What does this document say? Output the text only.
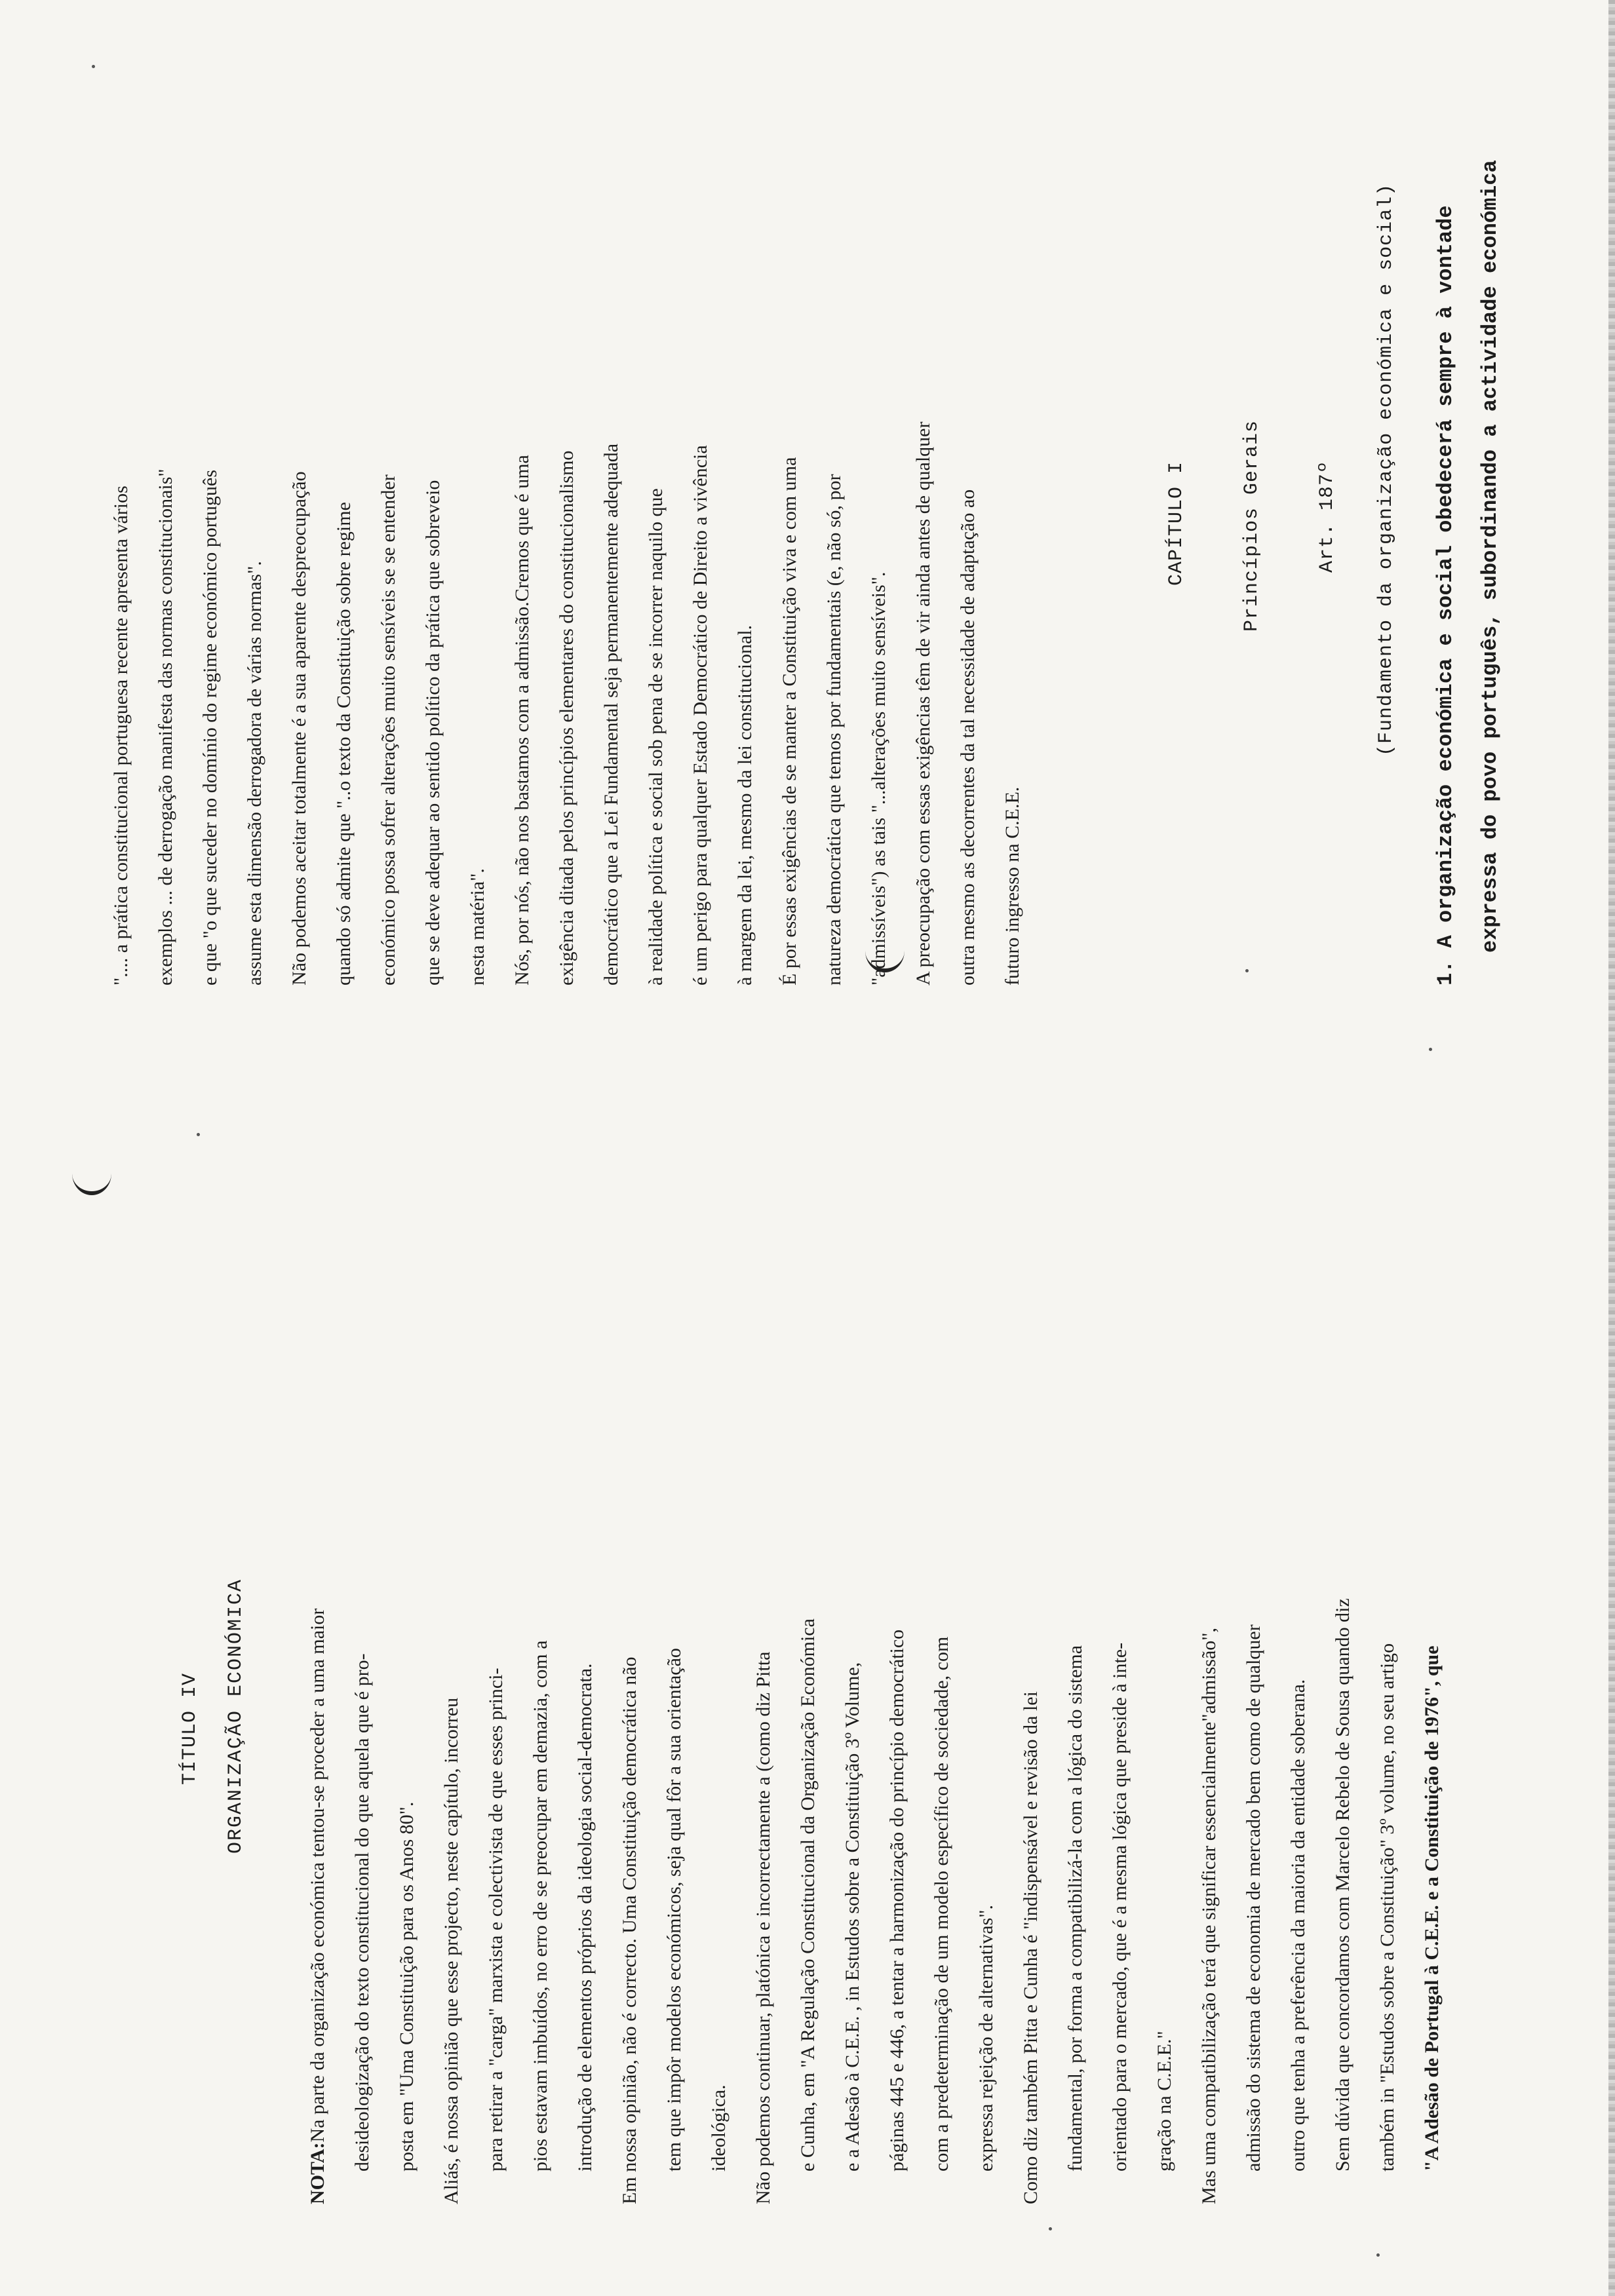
TÍTULO IV ORGANIZAÇÃO ECONÓMICA
NOTA:Na parte da organização económica tentou-se proceder a uma maior desideologização do texto constitucional do que aquela que é pro- posta em "Uma Constituição para os Anos 80". Aliás, é nossa opinião que esse projecto, neste capítulo, incorreu para retirar a "carga" marxista e colectivista de que esses princi- pios estavam imbuídos, no erro de se preocupar em demazia, com a introdução de elementos próprios da ideologia social-democrata. Em nossa opinião, não é correcto. Uma Constituição democrática não tem que impôr modelos económicos, seja qual fôr a sua orientação ideológica. Não podemos continuar, platónica e incorrectamente a (como diz Pitta e Cunha, em "A Regulação Constitucional da Organização Económica e a Adesão à C.E.E. , in Estudos sobre a Constituição 3º Volume, páginas 445 e 446, a tentar a harmonização do princípio democrático com a predeterminação de um modelo específico de sociedade, com expressa rejeição de alternativas". Como diz também Pitta e Cunha é "indispensável e revisão da lei fundamental, por forma a compatibilizá-la com a lógica do sistema orientado para o mercado, que é a mesma lógica que preside à inte- gração na C.E.E." Mas uma compatibilização terá que significar essencialmente"admissão", admissão do sistema de economia de mercado bem como de qualquer outro que tenha a preferência da maioria da entidade soberana. Sem dúvida que concordamos com Marcelo Rebelo de Sousa quando diz também in "Estudos sobre a Constituição" 3º volume, no seu artigo "A Adesão de Portugal à C.E.E. e a Constituição de 1976", que
".... a prática constitucional portuguesa recente apresenta vários exemplos ... de derrogação manifesta das normas constitucionais" e que "o que suceder no domínio do regime económico português assume esta dimensão derrogadora de várias normas". Não podemos aceitar totalmente é a sua aparente despreocupação quando só admite que "..o texto da Constituição sobre regime económico possa sofrer alterações muito sensíveis se se entender que se deve adequar ao sentido político da prática que sobreveio nesta matéria". Nós, por nós, não nos bastamos com a admissão.Cremos que é uma exigência ditada pelos princípios elementares do constitucionalismo democrático que a Lei Fundamental seja permanentemente adequada à realidade política e social sob pena de se incorrer naquilo que é um perigo para qualquer Estado Democrático de Direito a vivência à margem da lei, mesmo da lei constitucional. É por essas exigências de se manter a Constituição viva e com uma natureza democrática que temos por fundamentais (e, não só, por "admissíveis") as tais "...alterações muito sensíveis". A preocupação com essas exigências têm de vir ainda antes de qualquer outra mesmo as decorrentes da tal necessidade de adaptação ao futuro ingresso na C.E.E.
CAPÍTULO I	Princípios Gerais	Art. 187º (Fundamento da organização económica e social) 1. A organização económica e social obedecerá sempre à vontade expressa do povo português, subordinando a actividade económica
